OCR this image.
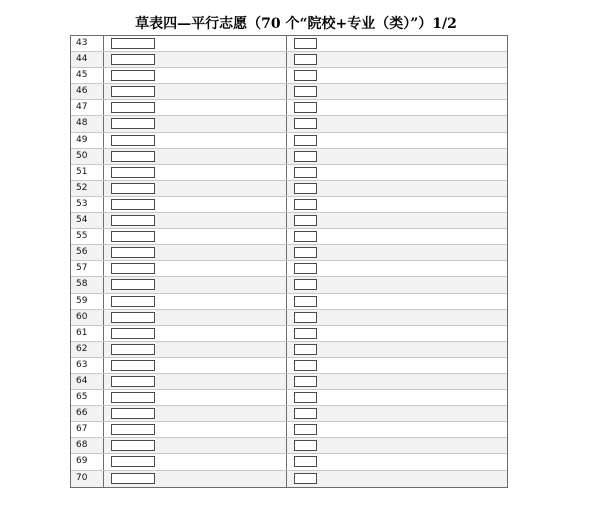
草表四—平行志愿（70 个“院校+专业（类）”）1/2
43
44
45
46
47
48
49
50
51
52
53
54
55
56
57
58
59
60
61
62
63
64
65
66
67
68
69
70
